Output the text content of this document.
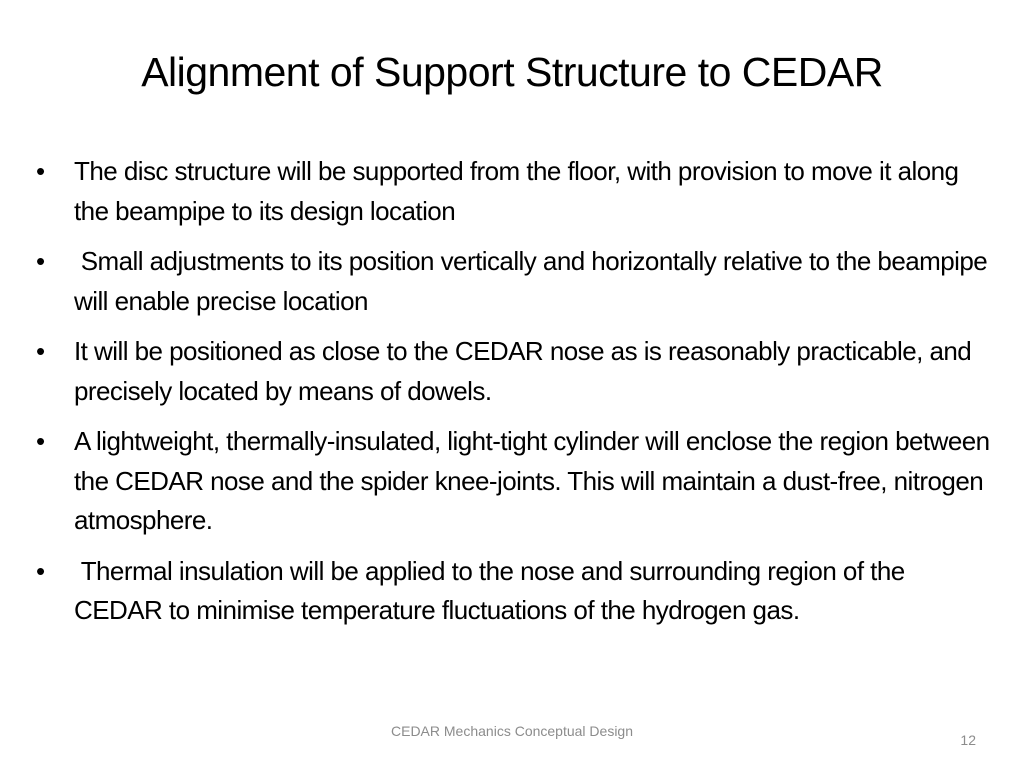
Alignment of Support Structure to CEDAR
•	The disc structure will be supported from the floor, with provision to move it along the beampipe to its design location
•	Small adjustments to its position vertically and horizontally relative to the beampipe will enable precise location
•	It will be positioned as close to the CEDAR nose as is reasonably practicable, and precisely located by means of dowels.
•	A lightweight, thermally-insulated, light-tight cylinder will enclose the region between the CEDAR nose and the spider knee-joints. This will maintain a dust-free, nitrogen atmosphere.
•	Thermal insulation will be applied to the nose and surrounding region of the CEDAR to minimise temperature fluctuations of the hydrogen gas.
CEDAR Mechanics Conceptual Design
12
